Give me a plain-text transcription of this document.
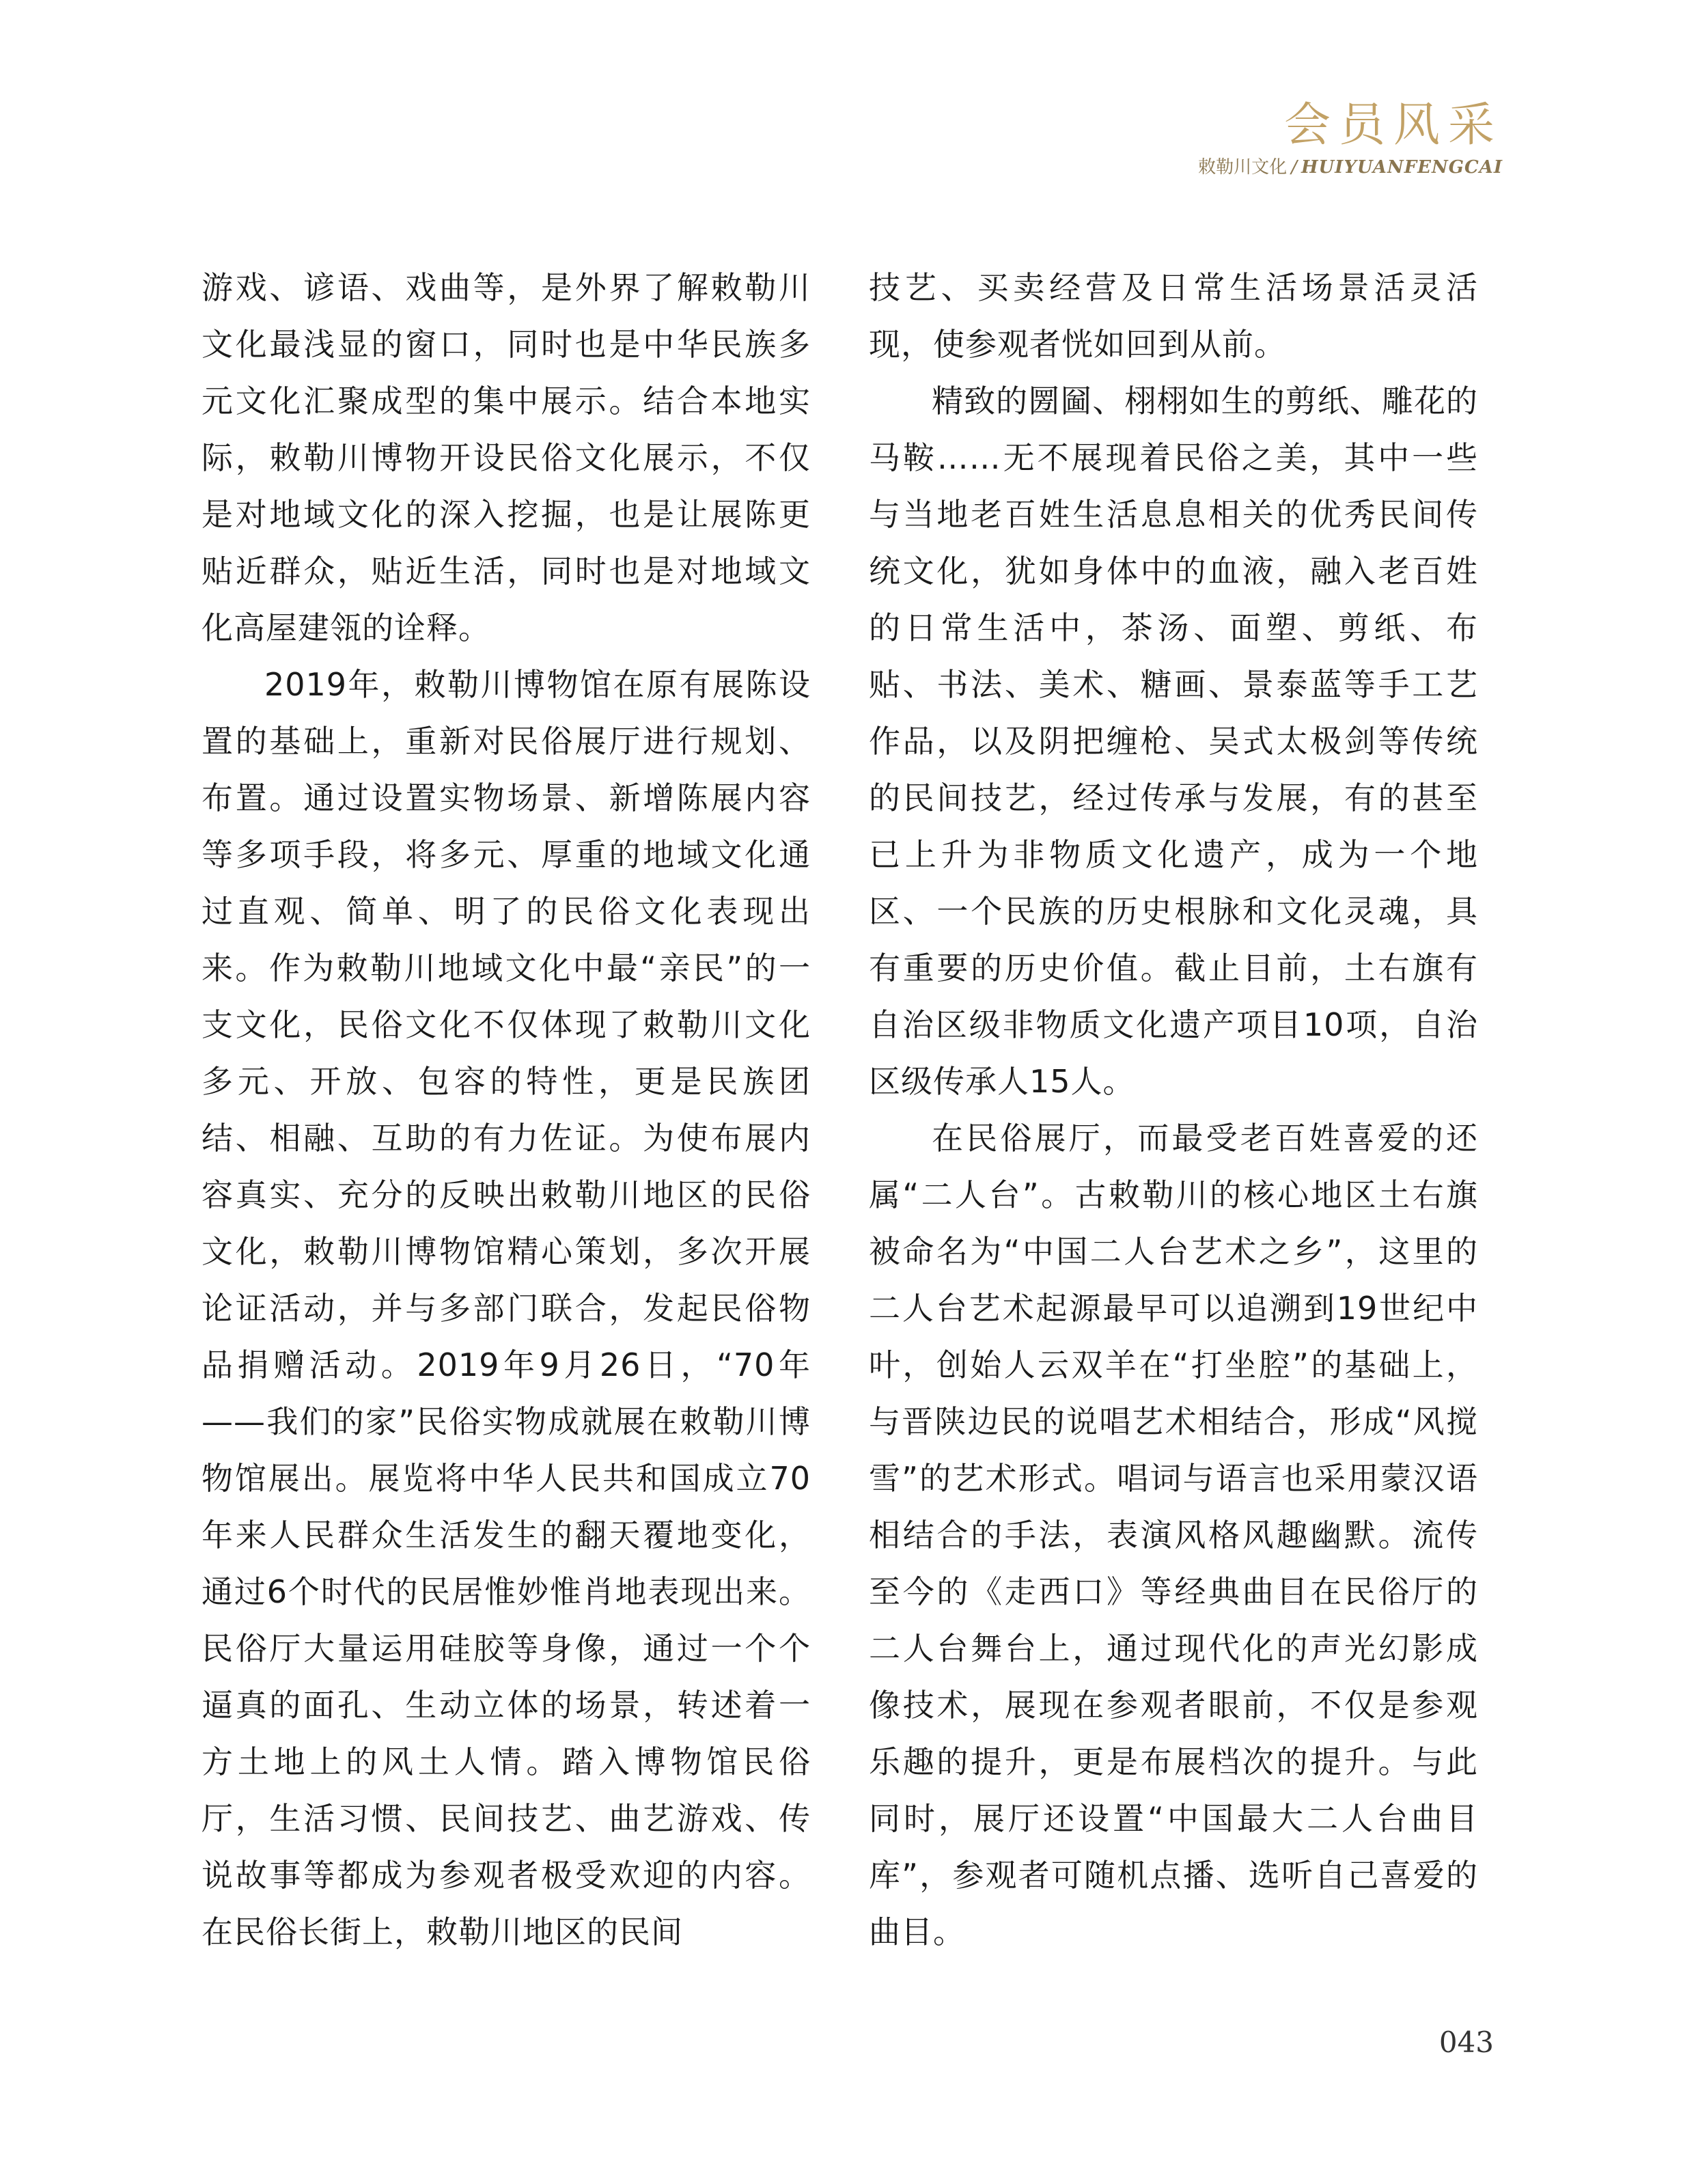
会员风采
敕勒川文化 / HUIYUANFENGCAI

游戏、谚语、戏曲等，是外界了解敕勒川文化最浅显的窗口，同时也是中华民族多元文化汇聚成型的集中展示。结合本地实际，敕勒川博物开设民俗文化展示，不仅是对地域文化的深入挖掘，也是让展陈更贴近群众，贴近生活，同时也是对地域文化高屋建瓴的诠释。

2019年，敕勒川博物馆在原有展陈设置的基础上，重新对民俗展厅进行规划、布置。通过设置实物场景、新增陈展内容等多项手段，将多元、厚重的地域文化通过直观、简单、明了的民俗文化表现出来。作为敕勒川地域文化中最“亲民”的一支文化，民俗文化不仅体现了敕勒川文化多元、开放、包容的特性，更是民族团结、相融、互助的有力佐证。为使布展内容真实、充分的反映出敕勒川地区的民俗文化，敕勒川博物馆精心策划，多次开展论证活动，并与多部门联合，发起民俗物品捐赠活动。2019年9月26日，“70年——我们的家”民俗实物成就展在敕勒川博物馆展出。展览将中华人民共和国成立70年来人民群众生活发生的翻天覆地变化，通过6个时代的民居惟妙惟肖地表现出来。民俗厅大量运用硅胶等身像，通过一个个逼真的面孔、生动立体的场景，转述着一方土地上的风土人情。踏入博物馆民俗厅，生活习惯、民间技艺、曲艺游戏、传说故事等都成为参观者极受欢迎的内容。在民俗长街上，敕勒川地区的民间

技艺、买卖经营及日常生活场景活灵活现，使参观者恍如回到从前。

精致的圐圙、栩栩如生的剪纸、雕花的马鞍……无不展现着民俗之美，其中一些与当地老百姓生活息息相关的优秀民间传统文化，犹如身体中的血液，融入老百姓的日常生活中，茶汤、面塑、剪纸、布贴、书法、美术、糖画、景泰蓝等手工艺作品，以及阴把缠枪、吴式太极剑等传统的民间技艺，经过传承与发展，有的甚至已上升为非物质文化遗产，成为一个地区、一个民族的历史根脉和文化灵魂，具有重要的历史价值。截止目前，土右旗有自治区级非物质文化遗产项目10项，自治区级传承人15人。

在民俗展厅，而最受老百姓喜爱的还属“二人台”。古敕勒川的核心地区土右旗被命名为“中国二人台艺术之乡”，这里的二人台艺术起源最早可以追溯到19世纪中叶，创始人云双羊在“打坐腔”的基础上，与晋陕边民的说唱艺术相结合，形成“风搅雪”的艺术形式。唱词与语言也采用蒙汉语相结合的手法，表演风格风趣幽默。流传至今的《走西口》等经典曲目在民俗厅的二人台舞台上，通过现代化的声光幻影成像技术，展现在参观者眼前，不仅是参观乐趣的提升，更是布展档次的提升。与此同时，展厅还设置“中国最大二人台曲目库”，参观者可随机点播、选听自己喜爱的曲目。

043
